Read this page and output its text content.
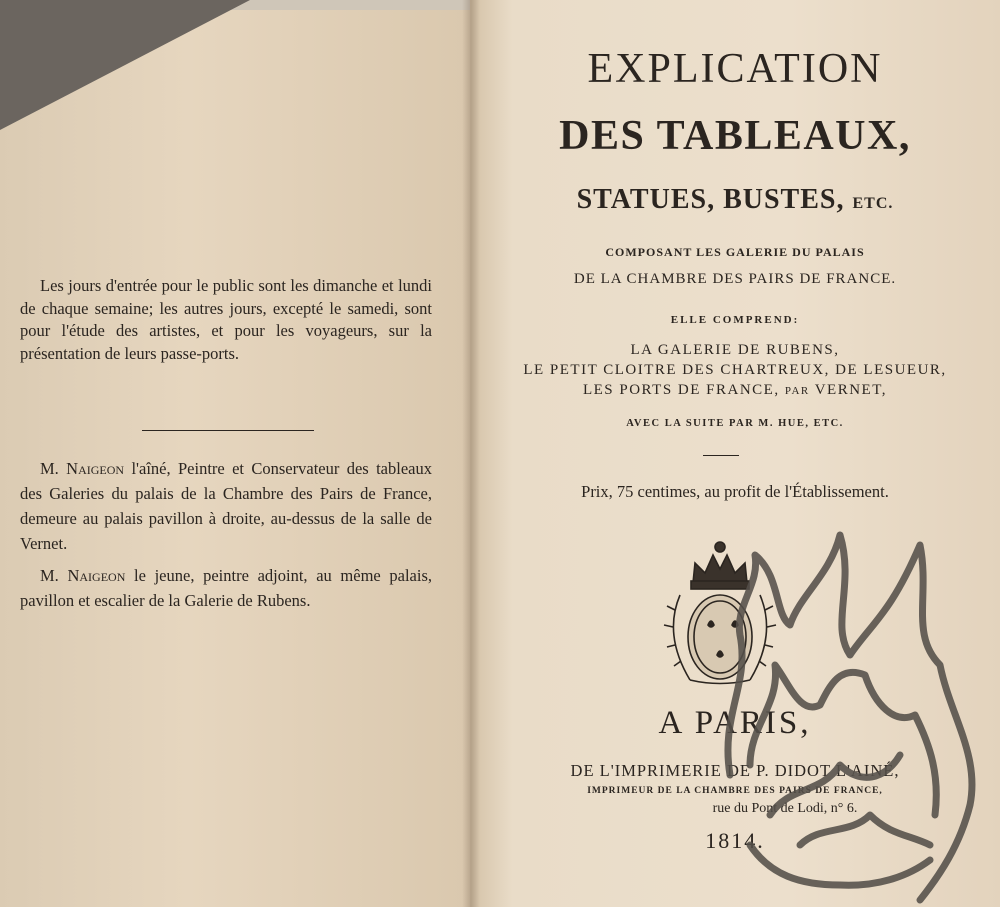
Les jours d'entrée pour le public sont les dimanche et lundi de chaque semaine; les autres jours, excepté le samedi, sont pour l'étude des artistes, et pour les voyageurs, sur la présentation de leurs passe-ports.

M. Naigeon l'aîné, Peintre et Conservateur des tableaux des Galeries du palais de la Chambre des Pairs de France, demeure au palais pavillon à droite, au-dessus de la salle de Vernet.

M. Naigeon le jeune, peintre adjoint, au même palais, pavillon et escalier de la Galerie de Rubens.

EXPLICATION
DES TABLEAUX,
STATUES, BUSTES, ETC.

COMPOSANT LES GALERIE DU PALAIS

DE LA CHAMBRE DES PAIRS DE FRANCE.

ELLE COMPREND:

LA GALERIE DE RUBENS,
LE PETIT CLOITRE DES CHARTREUX, DE LESUEUR,
LES PORTS DE FRANCE, PAR VERNET,

AVEC LA SUITE PAR M. HUE, ETC.

Prix, 75 centimes, au profit de l'Établissement.

A PARIS,

DE L'IMPRIMERIE DE P. DIDOT L'AINÉ,

IMPRIMEUR DE LA CHAMBRE DES PAIRS DE FRANCE,

rue du Pont de Lodi, n° 6.

1814.
